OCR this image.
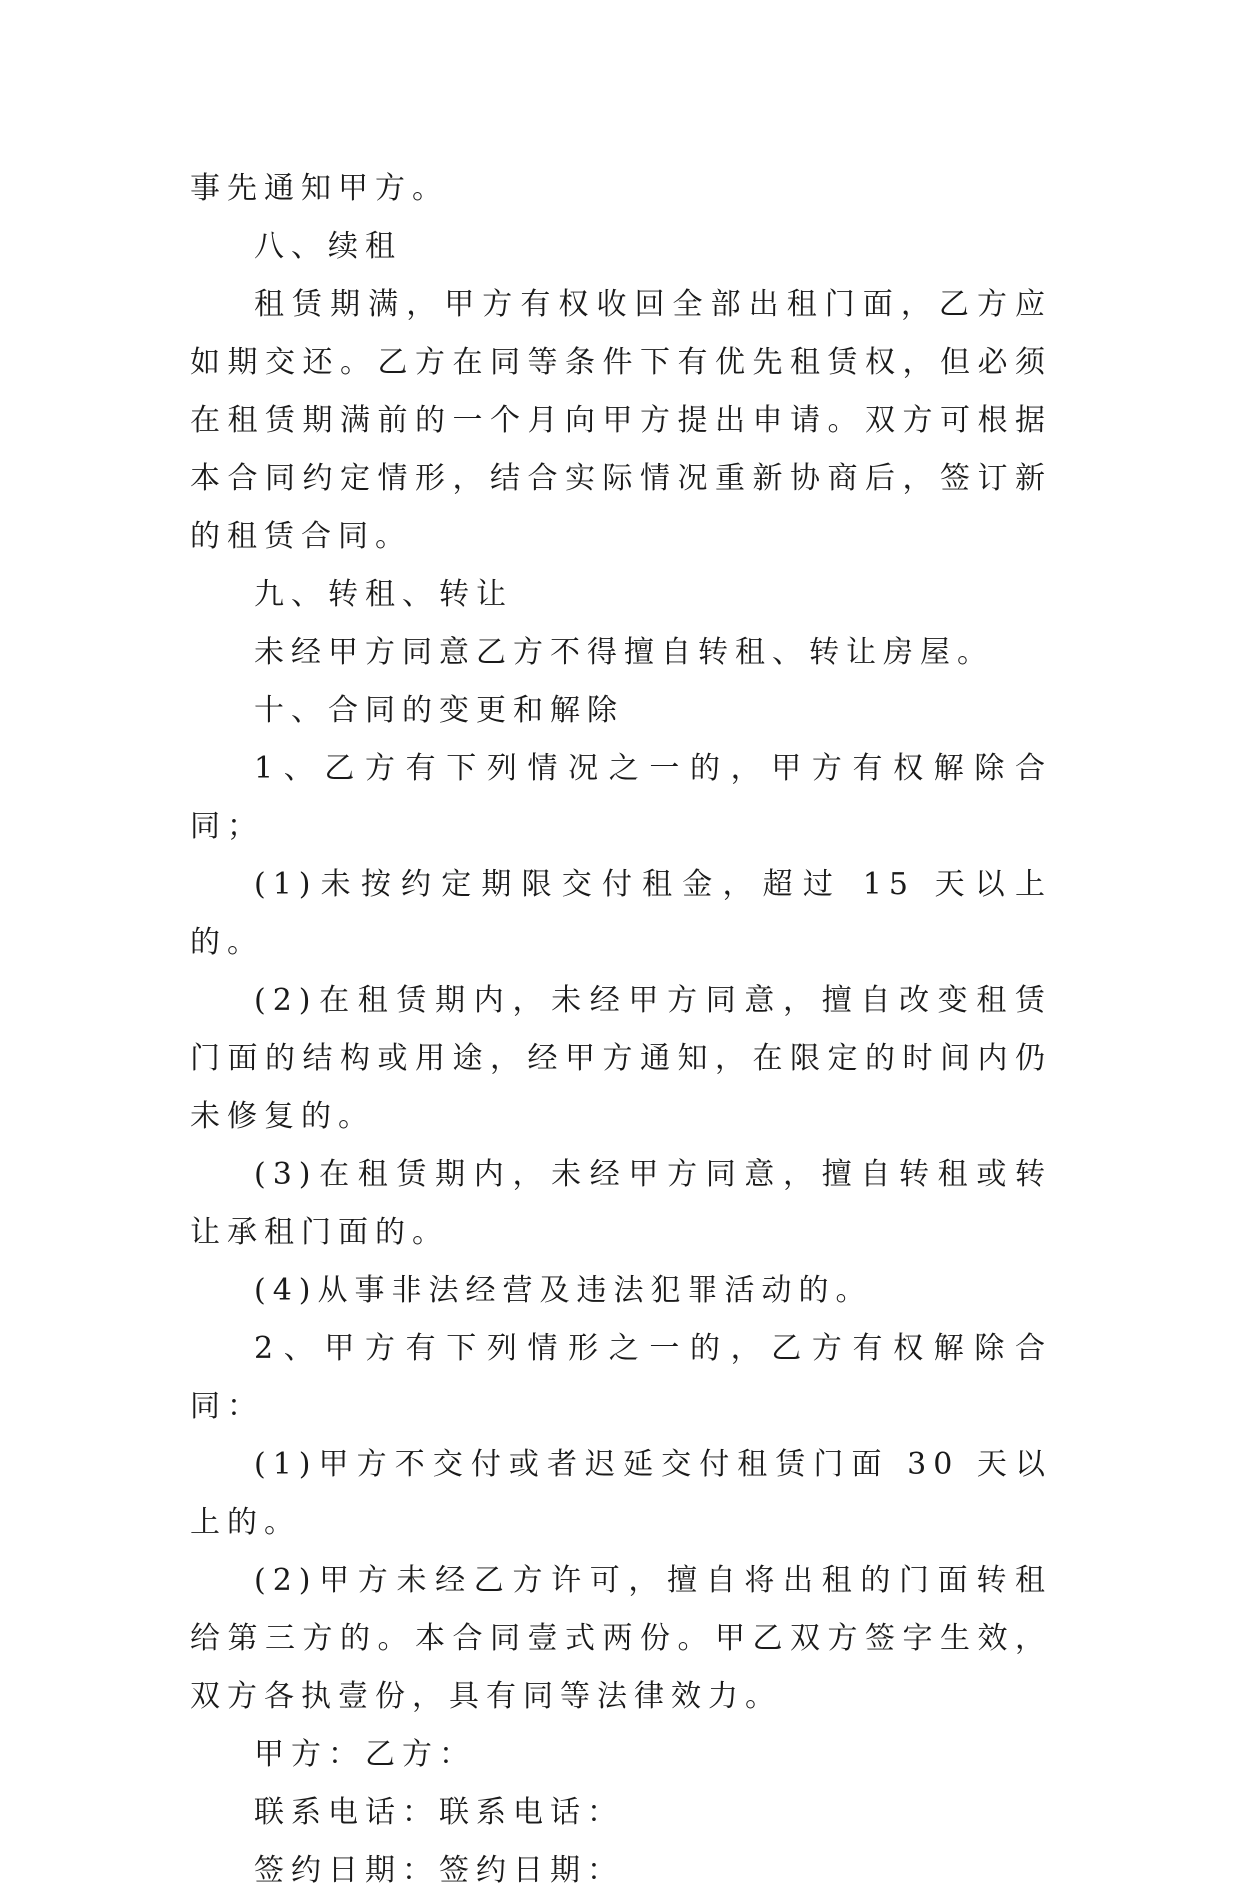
事先通知甲方。

八、续租

租赁期满，甲方有权收回全部出租门面，乙方应如期交还。乙方在同等条件下有优先租赁权，但必须在租赁期满前的一个月向甲方提出申请。双方可根据本合同约定情形，结合实际情况重新协商后，签订新的租赁合同。

九、转租、转让

未经甲方同意乙方不得擅自转租、转让房屋。

十、合同的变更和解除

1、乙方有下列情况之一的，甲方有权解除合同；

(1)未按约定期限交付租金，超过 15 天以上的。

(2)在租赁期内，未经甲方同意，擅自改变租赁门面的结构或用途，经甲方通知，在限定的时间内仍未修复的。

(3)在租赁期内，未经甲方同意，擅自转租或转让承租门面的。

(4)从事非法经营及违法犯罪活动的。

2、甲方有下列情形之一的，乙方有权解除合同：

(1)甲方不交付或者迟延交付租赁门面 30 天以上的。

(2)甲方未经乙方许可，擅自将出租的门面转租给第三方的。本合同壹式两份。甲乙双方签字生效，双方各执壹份，具有同等法律效力。

甲方：乙方：

联系电话：联系电话：

签约日期：签约日期：
